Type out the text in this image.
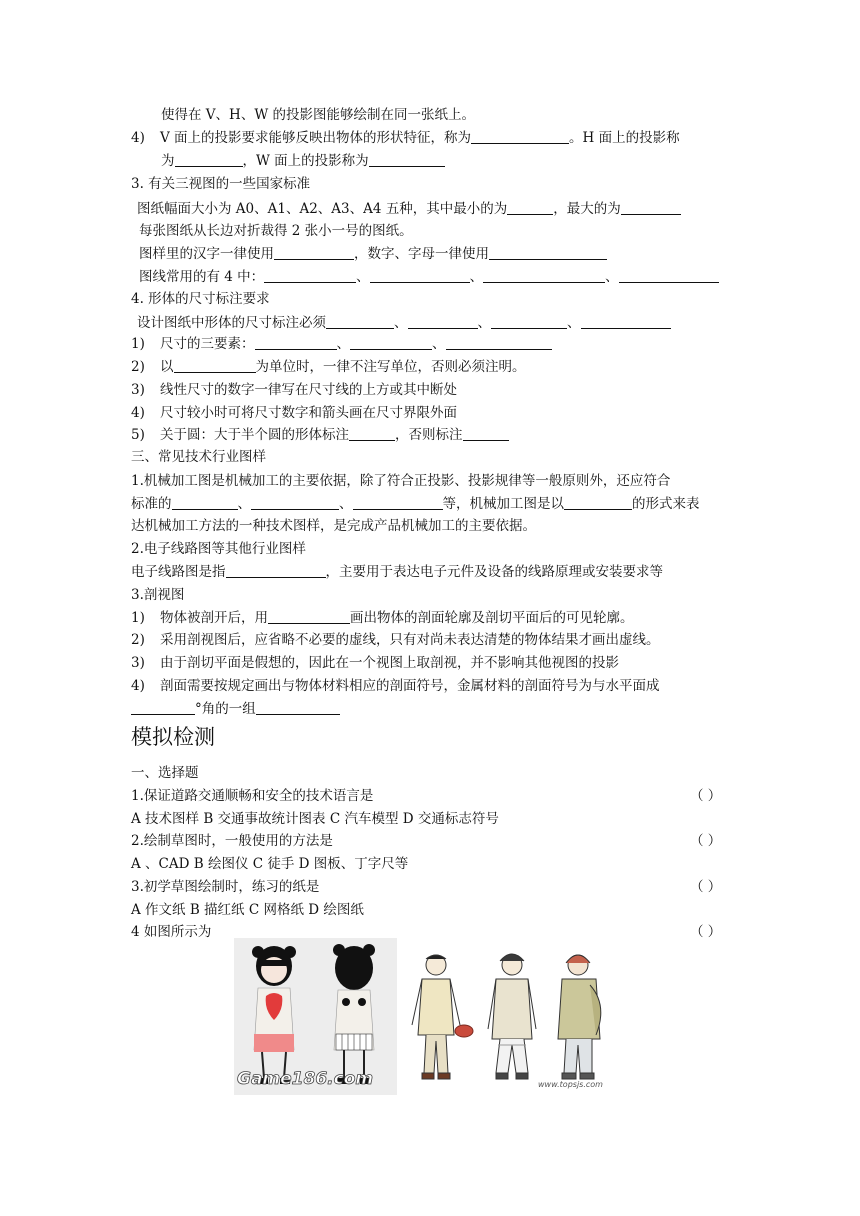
使得在 V、H、W 的投影图能够绘制在同一张纸上。
4) V 面上的投影要求能够反映出物体的形状特征，称为	。H 面上的投影称
为	，W 面上的投影称为
3. 有关三视图的一些国家标准
图纸幅面大小为 A0、A1、A2、A3、A4 五种，其中最小的为	，最大的为
每张图纸从长边对折裁得 2 张小一号的图纸。
图样里的汉字一律使用	，数字、字母一律使用
图线常用的有 4 中：	、	、	、
4. 形体的尺寸标注要求
设计图纸中形体的尺寸标注必须	、	、	、
1) 尺寸的三要素：	、	、
2) 以	为单位时，一律不注写单位，否则必须注明。
3) 线性尺寸的数字一律写在尺寸线的上方或其中断处
4) 尺寸较小时可将尺寸数字和箭头画在尺寸界限外面
5) 关于圆：大于半个圆的形体标注	，否则标注
三、常见技术行业图样
1.机械加工图是机械加工的主要依据，除了符合正投影、投影规律等一般原则外，还应符合
标准的	、	、	等，机械加工图是以	的形式来表
达机械加工方法的一种技术图样，是完成产品机械加工的主要依据。
2.电子线路图等其他行业图样
电子线路图是指	，主要用于表达电子元件及设备的线路原理或安装要求等
3.剖视图
1) 物体被剖开后，用	画出物体的剖面轮廓及剖切平面后的可见轮廓。
2) 采用剖视图后，应省略不必要的虚线，只有对尚未表达清楚的物体结果才画出虚线。
3) 由于剖切平面是假想的，因此在一个视图上取剖视，并不影响其他视图的投影
4) 剖面需要按规定画出与物体材料相应的剖面符号，金属材料的剖面符号为与水平面成
°角的一组
模拟检测
一、选择题
1.保证道路交通顺畅和安全的技术语言是	（ ）
A 技术图样 B 交通事故统计图表 C 汽车模型 D 交通标志符号
2.绘制草图时，一般使用的方法是	（ ）
A 、CAD B 绘图仪 C 徒手 D 图板、丁字尺等
3.初学草图绘制时，练习的纸是	（ ）
A 作文纸 B 描红纸 C 网格纸 D 绘图纸
4 如图所示为	（ ）
Game186.com	www.topsjs.com
